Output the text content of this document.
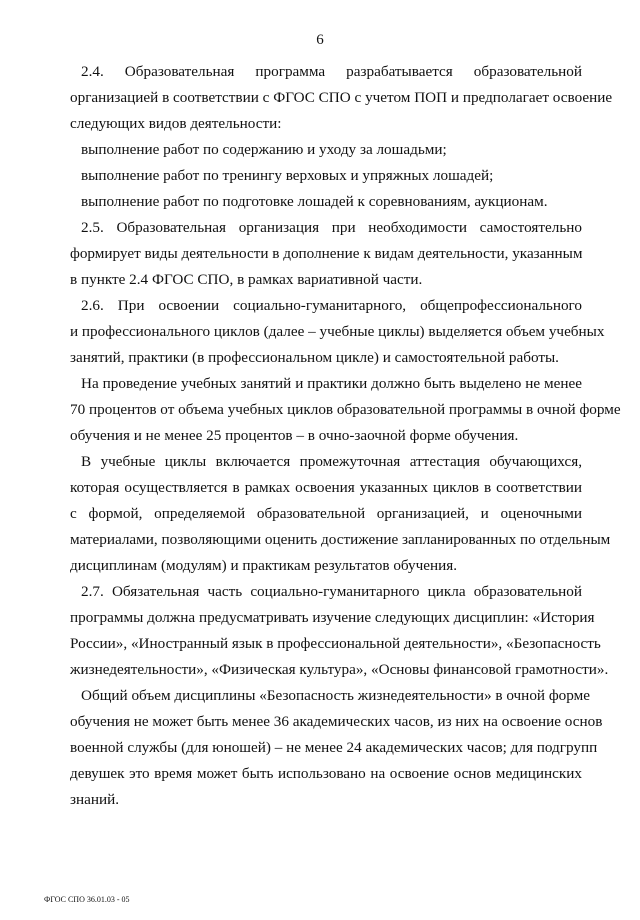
6
2.4. Образовательная программа разрабатывается образовательной
организацией в соответствии с ФГОС СПО с учетом ПОП и предполагает освоение
следующих видов деятельности:
выполнение работ по содержанию и уходу за лошадьми;
выполнение работ по тренингу верховых и упряжных лошадей;
выполнение работ по подготовке лошадей к соревнованиям, аукционам.
2.5. Образовательная организация при необходимости самостоятельно
формирует виды деятельности в дополнение к видам деятельности, указанным
в пункте 2.4 ФГОС СПО, в рамках вариативной части.
2.6. При освоении социально-гуманитарного, общепрофессионального
и профессионального циклов (далее – учебные циклы) выделяется объем учебных
занятий, практики (в профессиональном цикле) и самостоятельной работы.
На проведение учебных занятий и практики должно быть выделено не менее
70 процентов от объема учебных циклов образовательной программы в очной форме
обучения и не менее 25 процентов – в очно-заочной форме обучения.
В учебные циклы включается промежуточная аттестация обучающихся,
которая осуществляется в рамках освоения указанных циклов в соответствии
с формой, определяемой образовательной организацией, и оценочными
материалами, позволяющими оценить достижение запланированных по отдельным
дисциплинам (модулям) и практикам результатов обучения.
2.7. Обязательная часть социально-гуманитарного цикла образовательной
программы должна предусматривать изучение следующих дисциплин: «История
России», «Иностранный язык в профессиональной деятельности», «Безопасность
жизнедеятельности», «Физическая культура», «Основы финансовой грамотности».
Общий объем дисциплины «Безопасность жизнедеятельности» в очной форме
обучения не может быть менее 36 академических часов, из них на освоение основ
военной службы (для юношей) – не менее 24 академических часов; для подгрупп
девушек это время может быть использовано на освоение основ медицинских
знаний.
ФГОС СПО 36.01.03 - 05
